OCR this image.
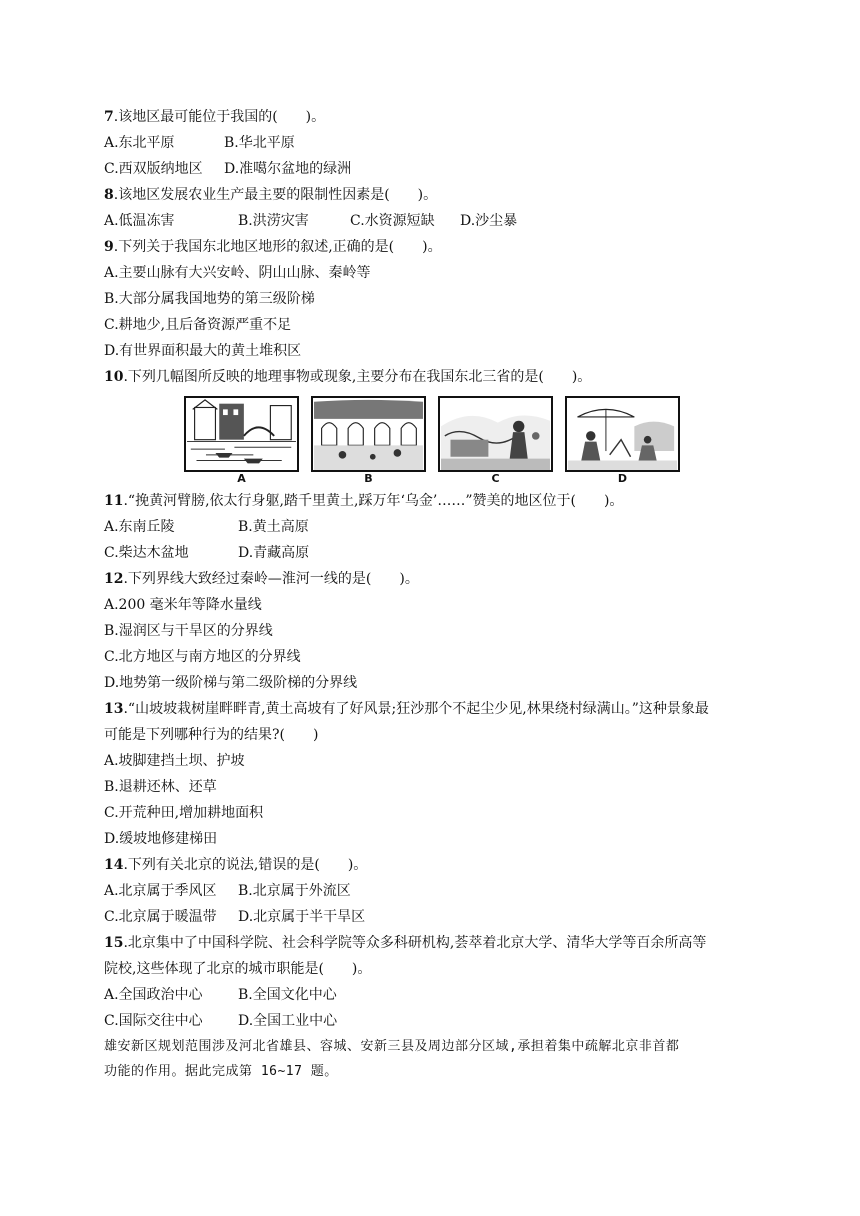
7.该地区最可能位于我国的(　　)。
A.东北平原	B.华北平原
C.西双版纳地区	D.准噶尔盆地的绿洲
8.该地区发展农业生产最主要的限制性因素是(　　)。
A.低温冻害	B.洪涝灾害	C.水资源短缺	D.沙尘暴
9.下列关于我国东北地区地形的叙述,正确的是(　　)。
A.主要山脉有大兴安岭、阴山山脉、秦岭等
B.大部分属我国地势的第三级阶梯
C.耕地少,且后备资源严重不足
D.有世界面积最大的黄土堆积区
10.下列几幅图所反映的地理事物或现象,主要分布在我国东北三省的是(　　)。
A	B	C	D
11.“挽黄河臂膀,依太行身躯,踏千里黄土,踩万年‘乌金’……”赞美的地区位于(　　)。
A.东南丘陵	B.黄土高原
C.柴达木盆地	D.青藏高原
12.下列界线大致经过秦岭—淮河一线的是(　　)。
A.200 毫米年等降水量线
B.湿润区与干旱区的分界线
C.北方地区与南方地区的分界线
D.地势第一级阶梯与第二级阶梯的分界线
13.“山坡坡栽树崖畔畔青,黄土高坡有了好风景;狂沙那个不起尘少见,林果绕村绿满山。”这种景象最
可能是下列哪种行为的结果?(　　)
A.坡脚建挡土坝、护坡
B.退耕还林、还草
C.开荒种田,增加耕地面积
D.缓坡地修建梯田
14.下列有关北京的说法,错误的是(　　)。
A.北京属于季风区	B.北京属于外流区
C.北京属于暖温带	D.北京属于半干旱区
15.北京集中了中国科学院、社会科学院等众多科研机构,荟萃着北京大学、清华大学等百余所高等
院校,这些体现了北京的城市职能是(　　)。
A.全国政治中心	B.全国文化中心
C.国际交往中心	D.全国工业中心
雄安新区规划范围涉及河北省雄县、容城、安新三县及周边部分区域,承担着集中疏解北京非首都
功能的作用。据此完成第 16~17 题。
